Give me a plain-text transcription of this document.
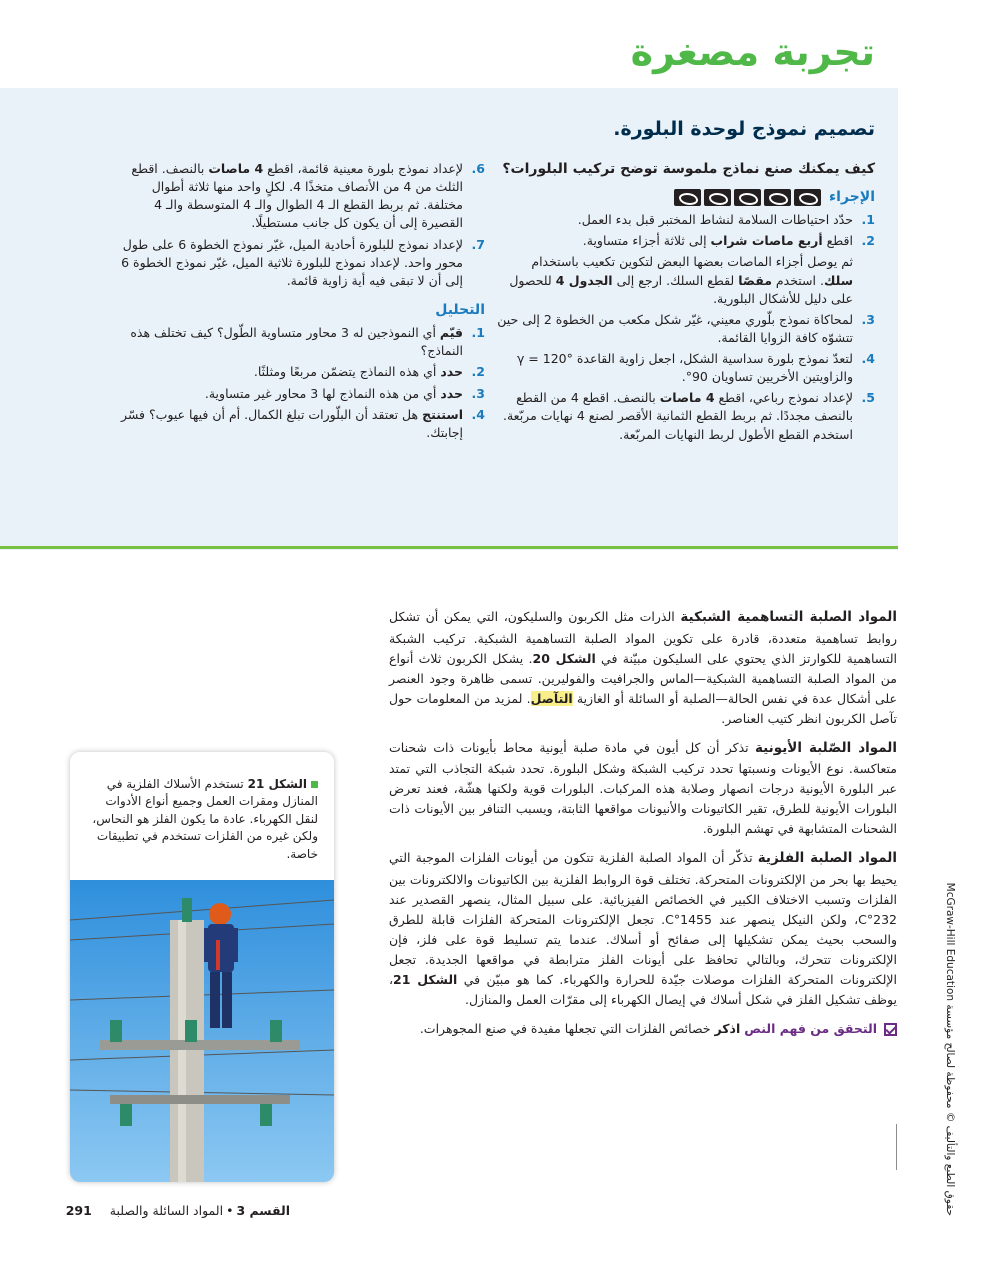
تجربة مصغرة
تصميم نموذج لوحدة البلورة.
كيف يمكنك صنع نماذج ملموسة توضح تركيب البلورات؟
الإجراء
1.
حدّد احتياطات السلامة لنشاط المختبر قبل بدء العمل.
2.
اقطع أربع ماصات شراب إلى ثلاثة أجزاء متساوية.
ثم يوصل أجزاء الماصات بعضها البعض لتكوين تكعيب باستخدام سلك. استخدم مقصًا لقطع السلك. ارجع إلى الجدول 4 للحصول على دليل للأشكال البلورية.
3.
لمحاكاة نموذج بلّوري معيني، غيّر شكل مكعب من الخطوة 2 إلى حين تتشوّه كافة الزوايا القائمة.
4.
لتعدّ نموذج بلورة سداسية الشكل، اجعل زاوية القاعدة γ = 120° والزاويتين الأخريين تساويان 90°.
5.
لإعداد نموذج رباعي، اقطع 4 ماصات بالنصف. اقطع 4 من القطع بالنصف مجددًا. ثم بربط القطع الثمانية الأقصر لصنع 4 نهايات مربّعة. استخدم القطع الأطول لربط النهايات المربّعة.
6.
لإعداد نموذج بلورة معينية قائمة، اقطع 4 ماصات بالنصف. اقطع الثلث من 4 من الأنصاف متخذًا 4. لكلٍ واحد منها ثلاثة أطوال مختلفة. ثم بربط القطع الـ 4 الطوال والـ 4 المتوسطة والـ 4 القصيرة إلى أن يكون كل جانب مستطيلًا.
7.
لإعداد نموذج للبلورة أحادية الميل، غيّر نموذج الخطوة 6 على طول محور واحد. لإعداد نموذج للبلورة ثلاثية الميل، غيّر نموذج الخطوة 6 إلى أن لا تبقى فيه أية زاوية قائمة.
التحليل
1.
قيّم أي النموذجين له 3 محاور متساوية الطّول؟ كيف تختلف هذه النماذج؟
2.
حدد أي هذه النماذج يتضمّن مربعًا ومثلثًا.
3.
حدد أي من هذه النماذج لها 3 محاور غير متساوية.
4.
استنتج هل تعتقد أن البلّورات تبلغ الكمال. أم أن فيها عيوب؟ فسّر إجابتك.

المواد الصلبة التساهمية الشبكية الذرات مثل الكربون والسليكون، التي يمكن أن تشكل روابط تساهمية متعددة، قادرة على تكوين المواد الصلبة التساهمية الشبكية. تركيب الشبكة التساهمية للكوارتز الذي يحتوي على السليكون مبيّنة في الشكل 20. يشكل الكربون ثلاث أنواع من المواد الصلبة التساهمية الشبكية—الماس والجرافيت والفوليرين. تسمى ظاهرة وجود العنصر على أشكال عدة في نفس الحالة—الصلبة أو السائلة أو الغازية التآصل. لمزيد من المعلومات حول تآصل الكربون انظر كتيب العناصر.

المواد الصّلبة الأيونية تذكر أن كل أيون في مادة صلبة أيونية محاط بأيونات ذات شحنات متعاكسة. نوع الأيونات ونسبتها تحدد تركيب الشبكة وشكل البلورة. تحدد شبكة التجاذب التي تمتد عبر البلورة الأيونية درجات انصهار وصلابة هذه المركبات. البلورات قوية ولكنها هشّة، فعند تعرض البلورات الأيونية للطرق، تقير الكاتيونات والأنيونات مواقعها الثابتة، ويسبب التنافر بين الأيونات ذات الشحنات المتشابهة في تهشم البلورة.

المواد الصلبة الفلزية تذكّر أن المواد الصلبة الفلزية تتكون من أيونات الفلزات الموجبة التي يحيط بها بحر من الإلكترونات المتحركة. تختلف قوة الروابط الفلزية بين الكاتيونات والالكترونات بين الفلزات وتسبب الاختلاف الكبير في الخصائص الفيزيائية. على سبيل المثال، ينصهر القصدير عند 232°C، ولكن النيكل ينصهر عند 1455°C. تجعل الإلكترونات المتحركة الفلزات قابلة للطرق والسحب بحيث يمكن تشكيلها إلى صفائح أو أسلاك. عندما يتم تسليط قوة على فلز، فإن الإلكترونات تتحرك، وبالتالي تحافظ على أيونات الفلز مترابطة في مواقعها الجديدة. تجعل الإلكترونات المتحركة الفلزات موصلات جيّدة للحرارة والكهرباء. كما هو مبيّن في الشكل 21، يوظف تشكيل الفلز في شكل أسلاك في إيصال الكهرباء إلى مقرّات العمل والمنازل.

التحقق من فهم النص اذكر خصائص الفلزات التي تجعلها مفيدة في صنع المجوهرات.

الشكل 21 تستخدم الأسلاك الفلزية في المنازل ومقرات العمل وجميع أنواع الأدوات لنقل الكهرباء. عادة ما يكون الفلز هو النحاس، ولكن غيره من الفلزات تستخدم في تطبيقات خاصة.
حقوق الطبع والتأليف © محفوظة لصالح مؤسسة McGraw-Hill Education
القسم 3•المواد السائلة والصلبة291
